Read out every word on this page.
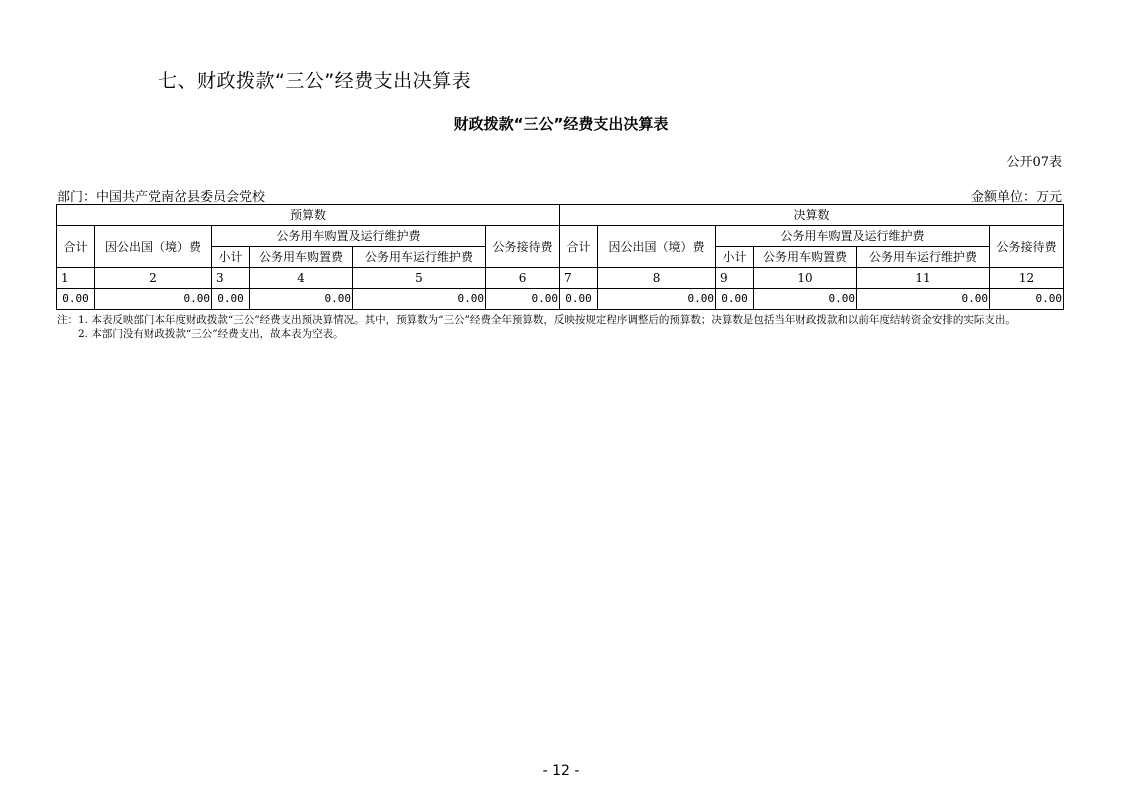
七、财政拨款“三公”经费支出决算表
财政拨款“三公”经费支出决算表
公开07表
部门：中国共产党南岔县委员会党校	金额单位：万元
预算数						决算数					
合计	因公出国（境）费	公务用车购置及运行维护费			公务接待费	合计	因公出国（境）费	公务用车购置及运行维护费			公务接待费
		小计	公务用车购置费	公务用车运行维护费				小计	公务用车购置费	公务用车运行维护费	
1	2	3	4	5	6	7	8	9	10	11	12
0.00	0.00	0.00	0.00	0.00	0.00	0.00	0.00	0.00	0.00	0.00	0.00
注：1. 本表反映部门本年度财政拨款“三公”经费支出预决算情况。其中，预算数为“三公”经费全年预算数，反映按规定程序调整后的预算数；决算数是包括当年财政拨款和以前年度结转资金安排的实际支出。
2. 本部门没有财政拨款“三公”经费支出，故本表为空表。
- 12 -
